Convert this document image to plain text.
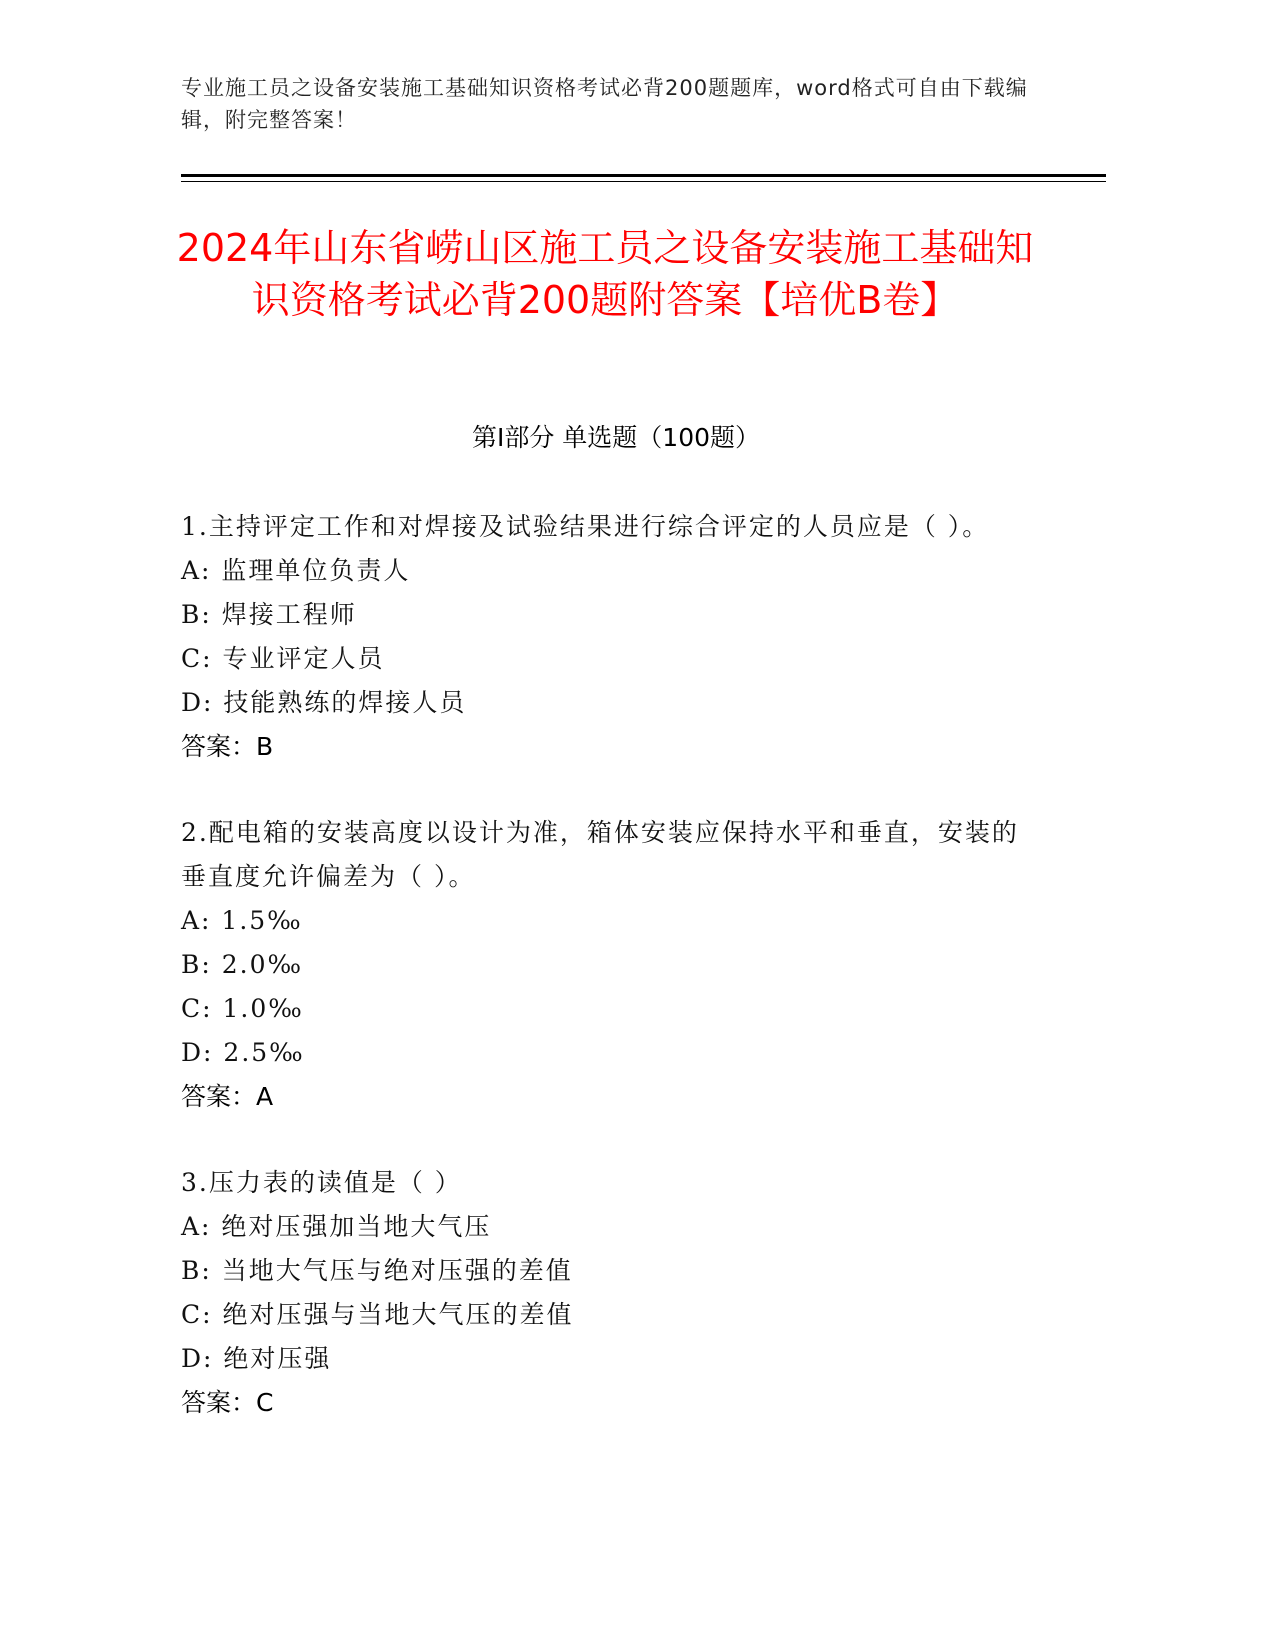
专业施工员之设备安装施工基础知识资格考试必背200题题库，word格式可自由下载编辑，附完整答案！
2024年山东省崂山区施工员之设备安装施工基础知识资格考试必背200题附答案【培优B卷】
第Ⅰ部分 单选题（100题）
1.主持评定工作和对焊接及试验结果进行综合评定的人员应是（ ）。
A: 监理单位负责人
B: 焊接工程师
C: 专业评定人员
D: 技能熟练的焊接人员
答案：B
2.配电箱的安装高度以设计为准，箱体安装应保持水平和垂直，安装的垂直度允许偏差为（ ）。
A: 1.5‰
B: 2.0‰
C: 1.0‰
D: 2.5‰
答案：A
3.压力表的读值是（ ）
A: 绝对压强加当地大气压
B: 当地大气压与绝对压强的差值
C: 绝对压强与当地大气压的差值
D: 绝对压强
答案：C
